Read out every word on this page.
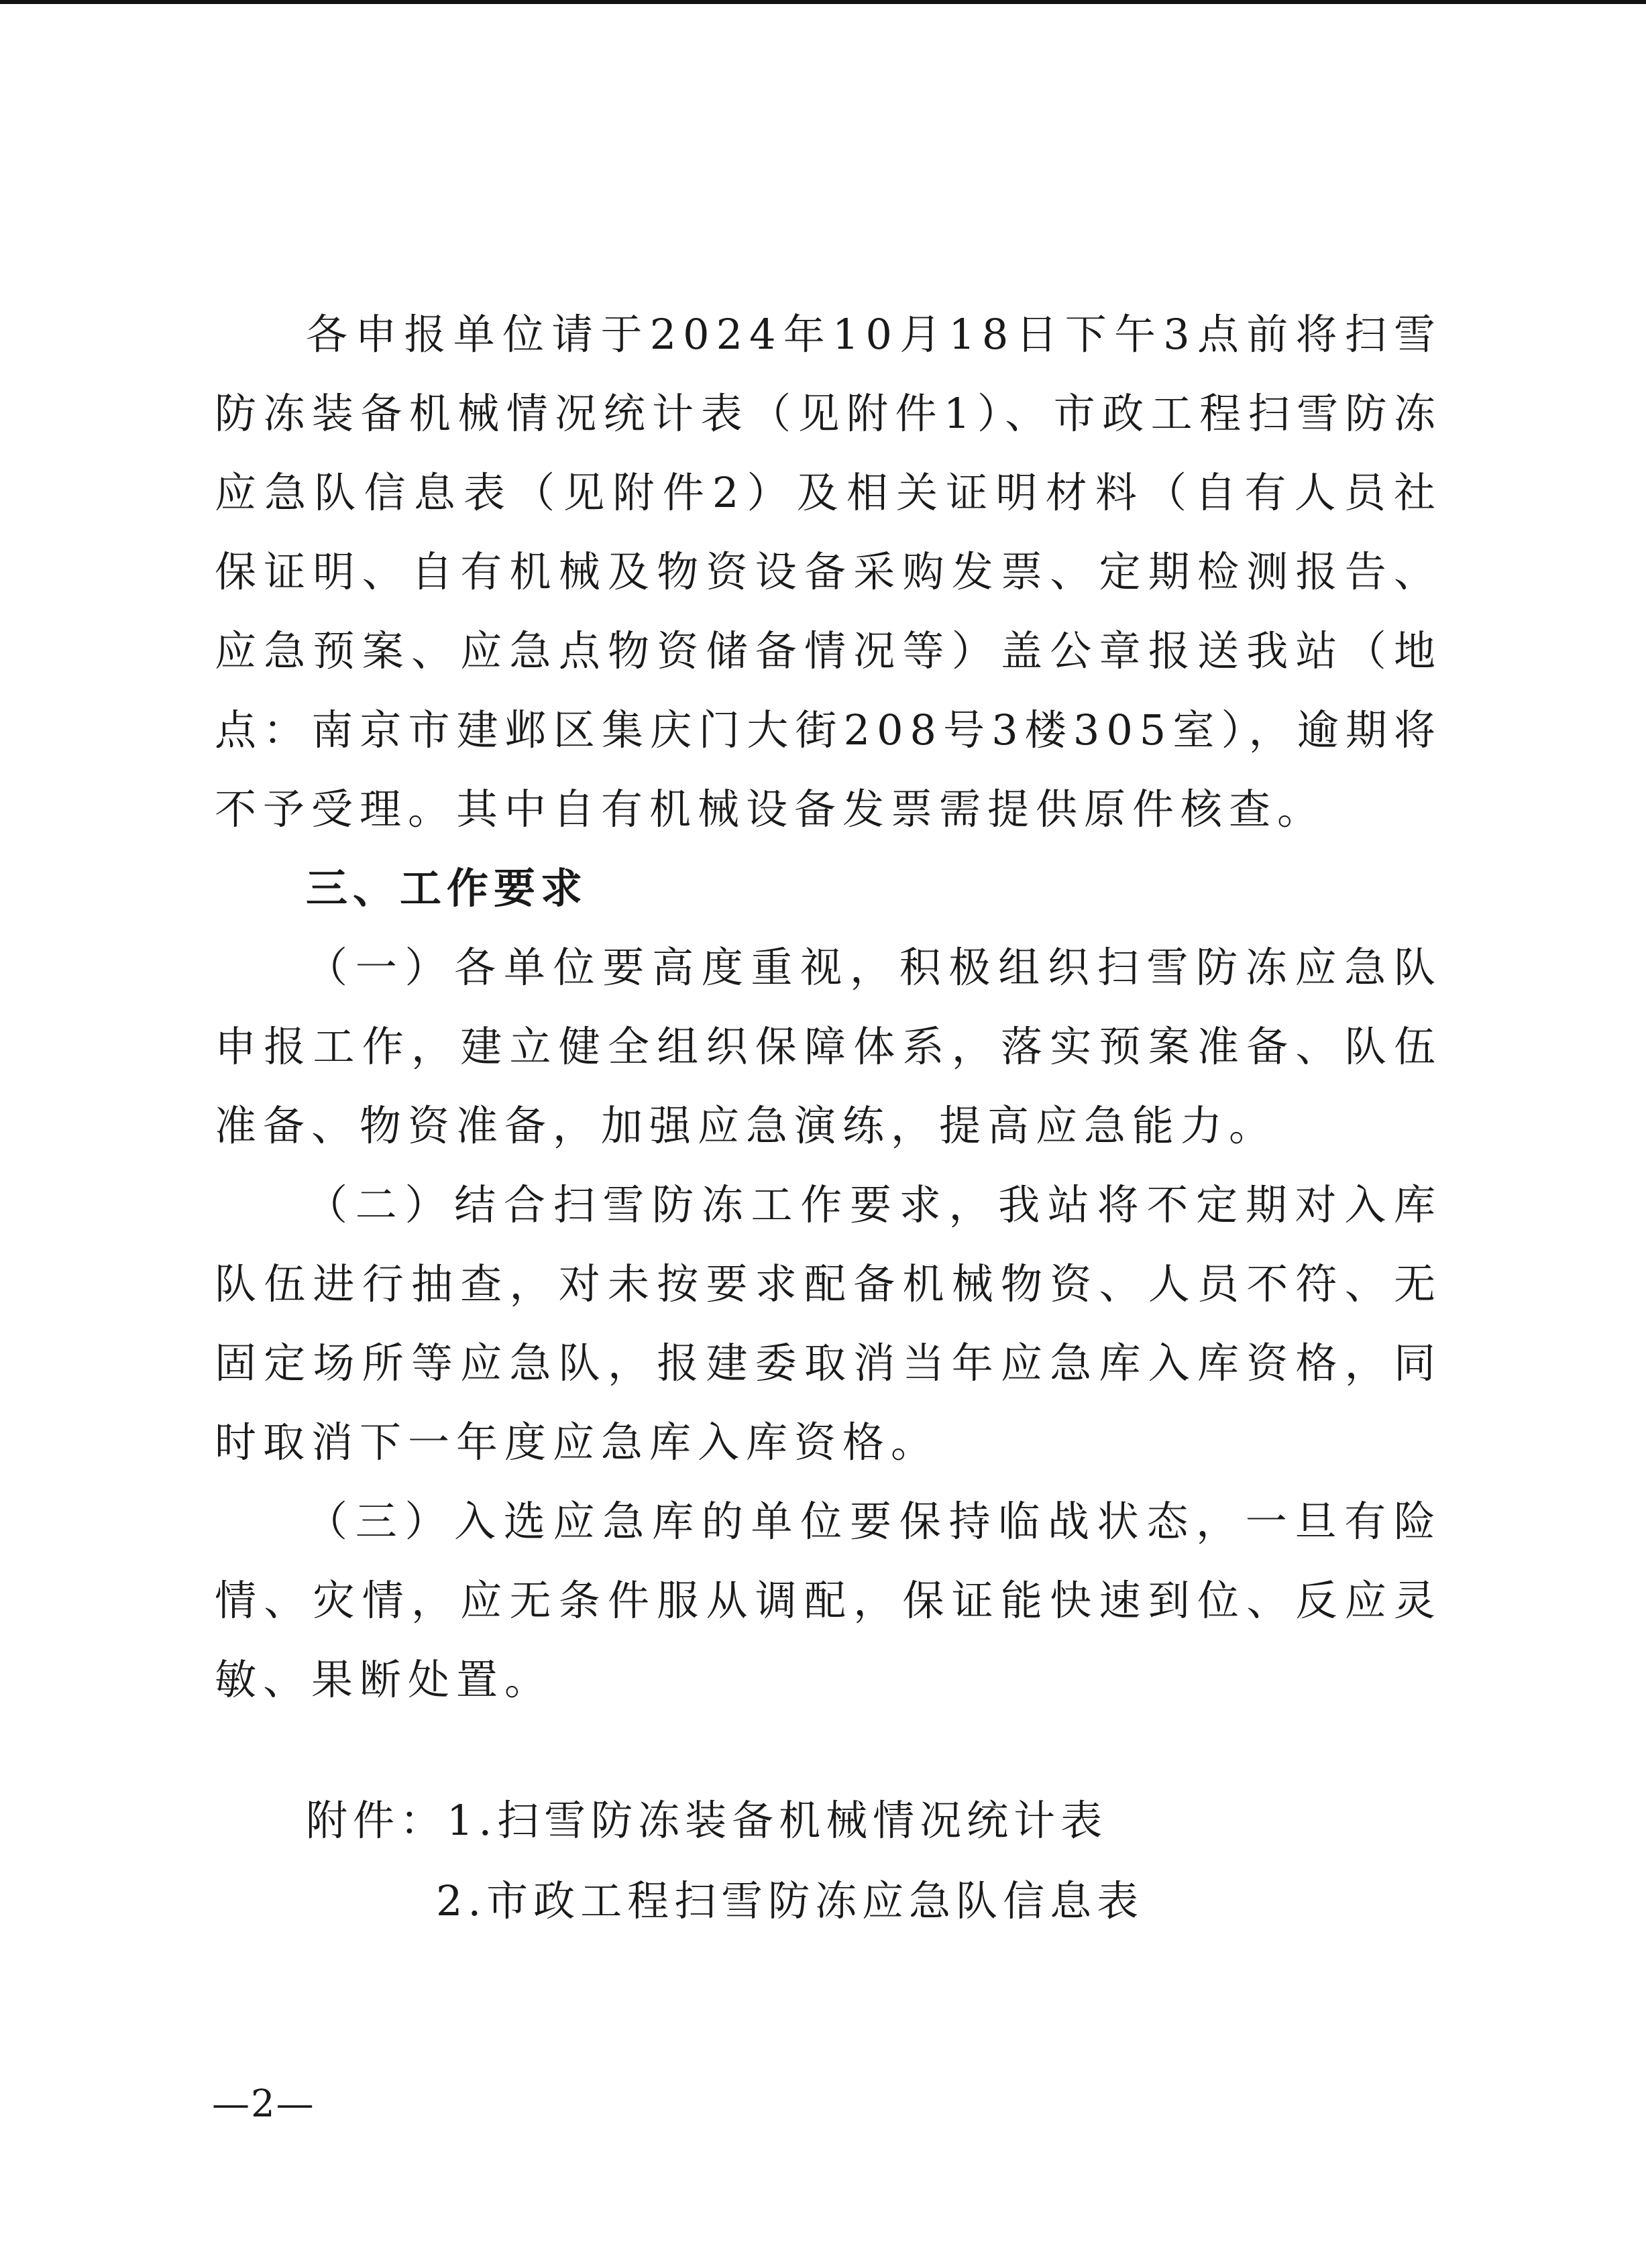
各申报单位请于2024年10月18日下午3点前将扫雪防冻装备机械情况统计表（见附件1）、市政工程扫雪防冻应急队信息表（见附件2）及相关证明材料（自有人员社保证明、自有机械及物资设备采购发票、定期检测报告、应急预案、应急点物资储备情况等）盖公章报送我站（地点：南京市建邺区集庆门大街208号3楼305室），逾期将不予受理。其中自有机械设备发票需提供原件核查。

三、工作要求

（一）各单位要高度重视，积极组织扫雪防冻应急队申报工作，建立健全组织保障体系，落实预案准备、队伍准备、物资准备，加强应急演练，提高应急能力。

（二）结合扫雪防冻工作要求，我站将不定期对入库队伍进行抽查，对未按要求配备机械物资、人员不符、无固定场所等应急队，报建委取消当年应急库入库资格，同时取消下一年度应急库入库资格。

（三）入选应急库的单位要保持临战状态，一旦有险情、灾情，应无条件服从调配，保证能快速到位、反应灵敏、果断处置。

附件：1.扫雪防冻装备机械情况统计表
2.市政工程扫雪防冻应急队信息表
—2—
